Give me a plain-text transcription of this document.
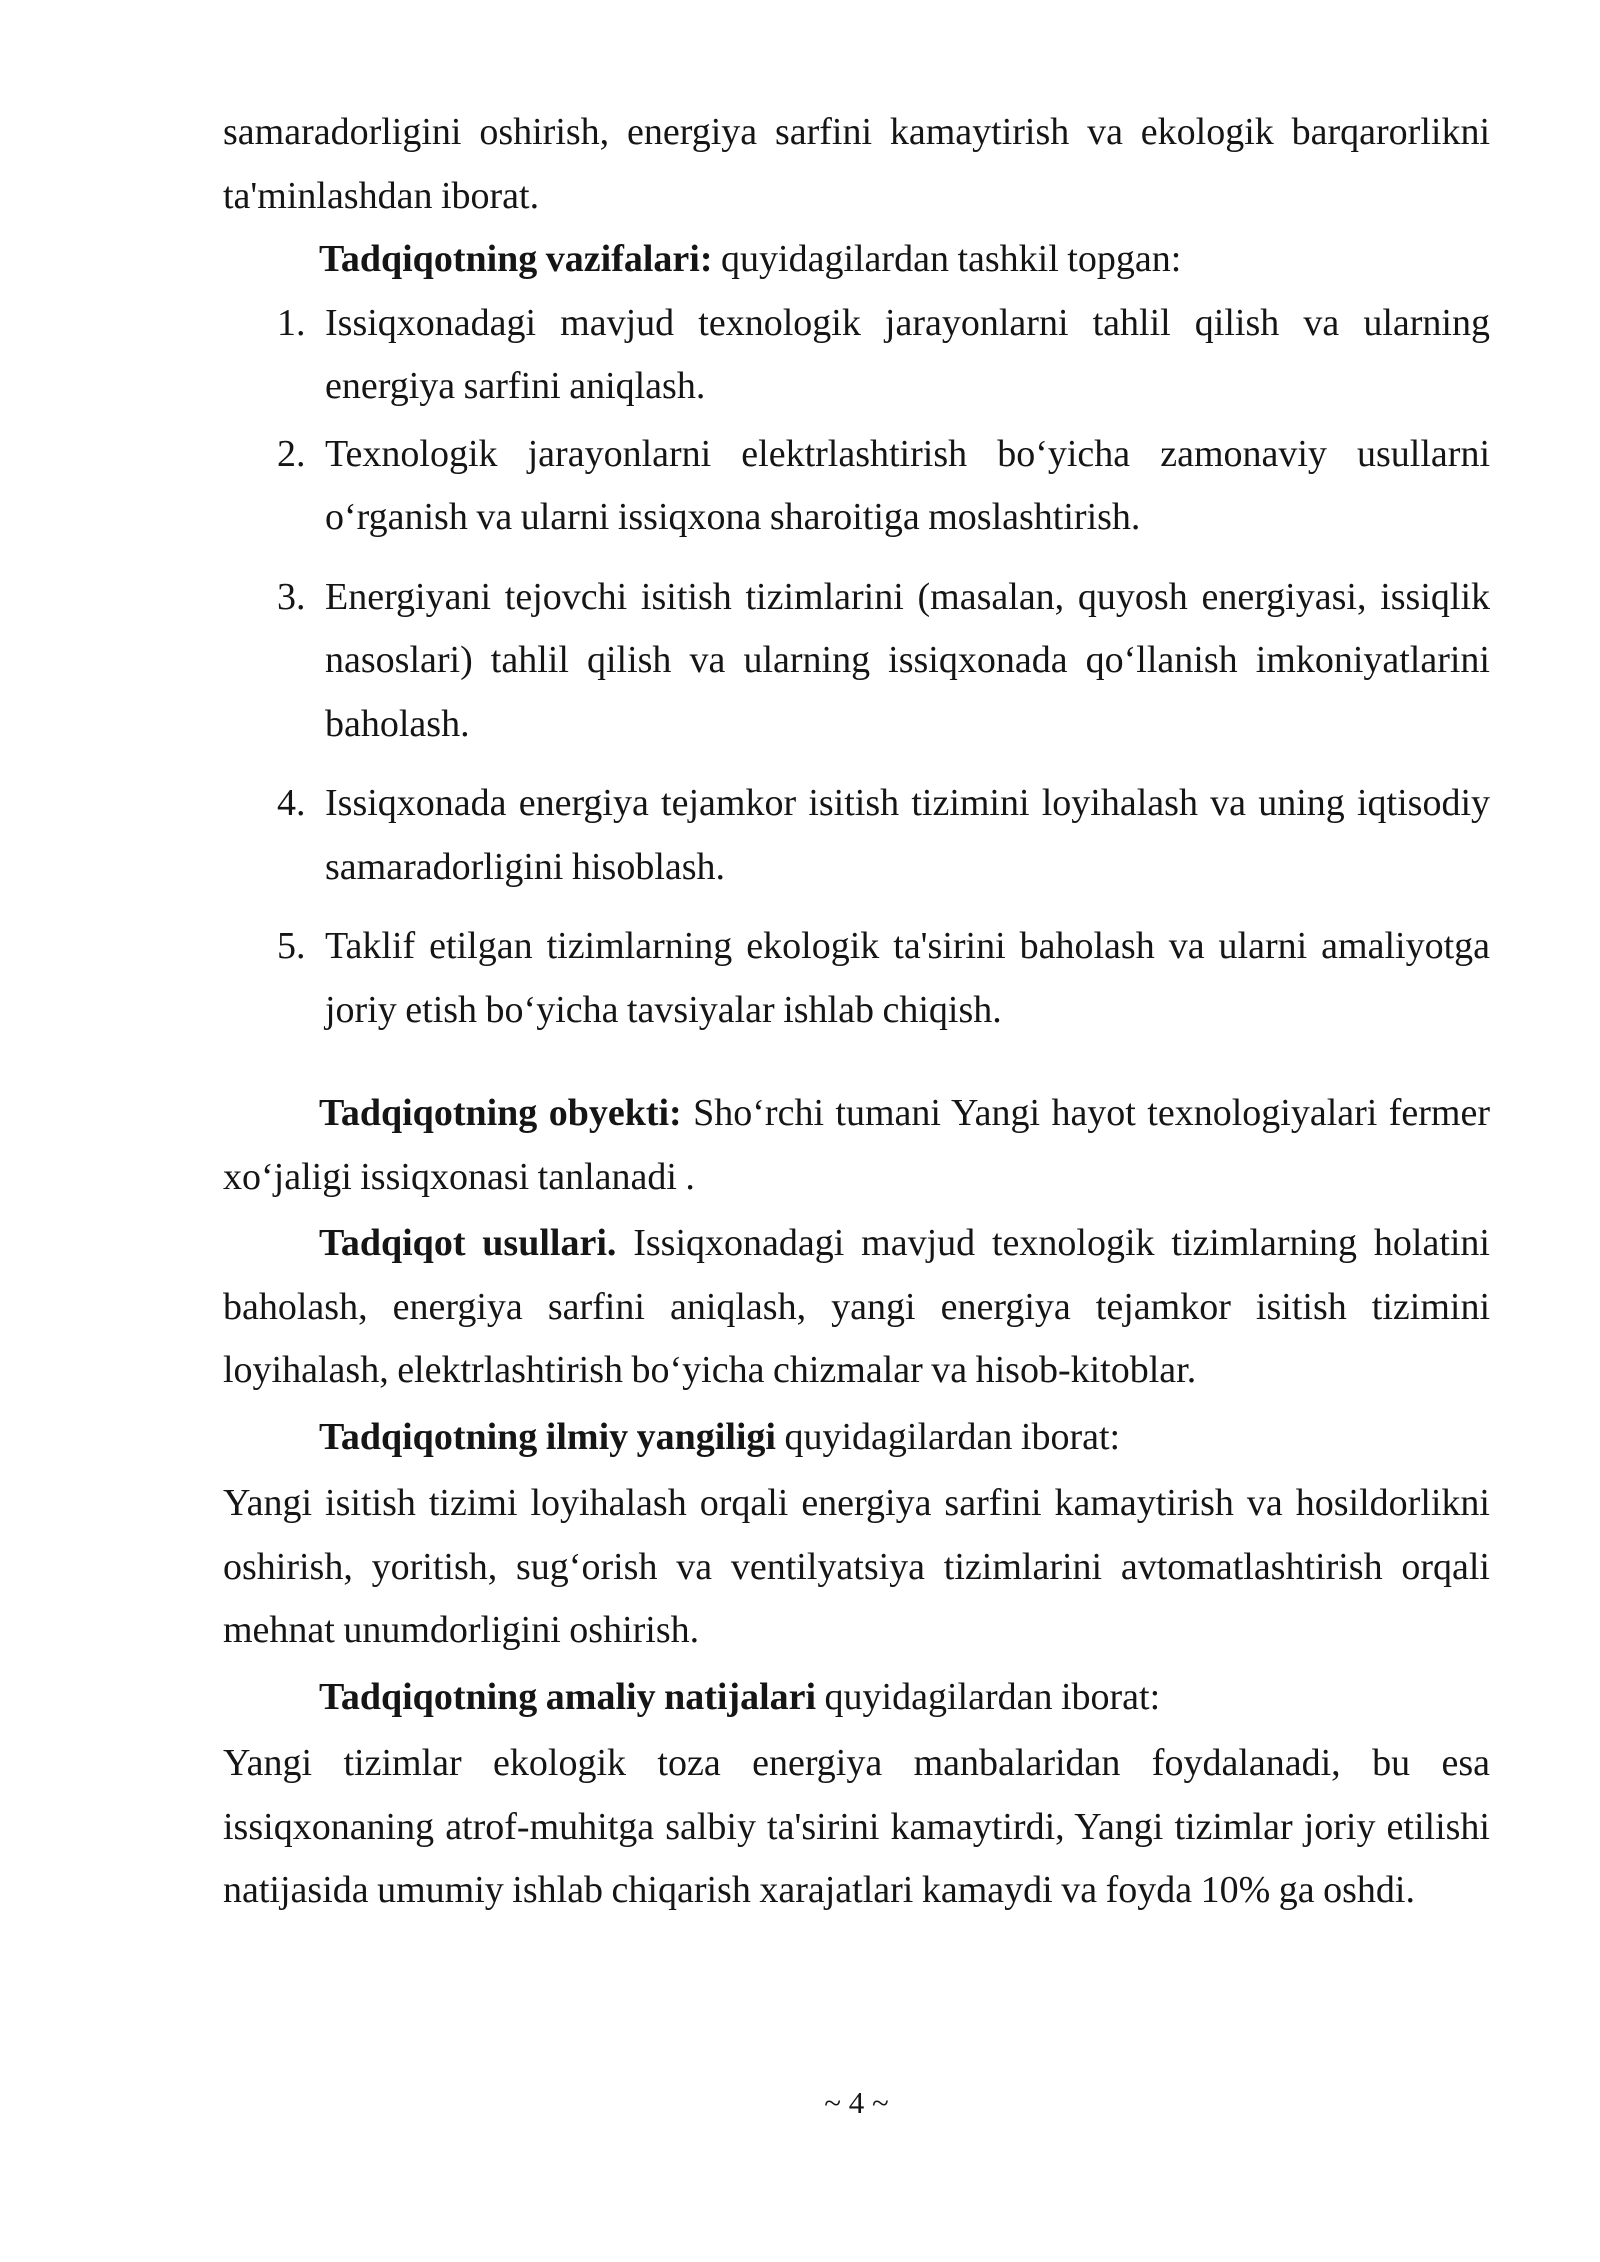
samaradorligini oshirish, energiya sarfini kamaytirish va ekologik barqarorlikni ta'minlashdan iborat.

Tadqiqotning vazifalari: quyidagilardan tashkil topgan:

1. Issiqxonadagi mavjud texnologik jarayonlarni tahlil qilish va ularning energiya sarfini aniqlash.
2. Texnologik jarayonlarni elektrlashtirish bo‘yicha zamonaviy usullarni o‘rganish va ularni issiqxona sharoitiga moslashtirish.
3. Energiyani tejovchi isitish tizimlarini (masalan, quyosh energiyasi, issiqlik nasoslari) tahlil qilish va ularning issiqxonada qo‘llanish imkoniyatlarini baholash.
4. Issiqxonada energiya tejamkor isitish tizimini loyihalash va uning iqtisodiy samaradorligini hisoblash.
5. Taklif etilgan tizimlarning ekologik ta'sirini baholash va ularni amaliyotga joriy etish bo‘yicha tavsiyalar ishlab chiqish.

Tadqiqotning obyekti: Sho‘rchi tumani Yangi hayot texnologiyalari fermer xo‘jaligi issiqxonasi tanlanadi .

Tadqiqot usullari. Issiqxonadagi mavjud texnologik tizimlarning holatini baholash, energiya sarfini aniqlash, yangi energiya tejamkor isitish tizimini loyihalash, elektrlashtirish bo‘yicha chizmalar va hisob-kitoblar.

Tadqiqotning ilmiy yangiligi quyidagilardan iborat:

Yangi isitish tizimi loyihalash orqali energiya sarfini kamaytirish va hosildorlikni oshirish, yoritish, sug‘orish va ventilyatsiya tizimlarini avtomatlashtirish orqali mehnat unumdorligini oshirish.

Tadqiqotning amaliy natijalari quyidagilardan iborat:

Yangi tizimlar ekologik toza energiya manbalaridan foydalanadi, bu esa issiqxonaning atrof-muhitga salbiy ta'sirini kamaytirdi, Yangi tizimlar joriy etilishi natijasida umumiy ishlab chiqarish xarajatlari kamaydi va foyda 10% ga oshdi.

~ 4 ~
